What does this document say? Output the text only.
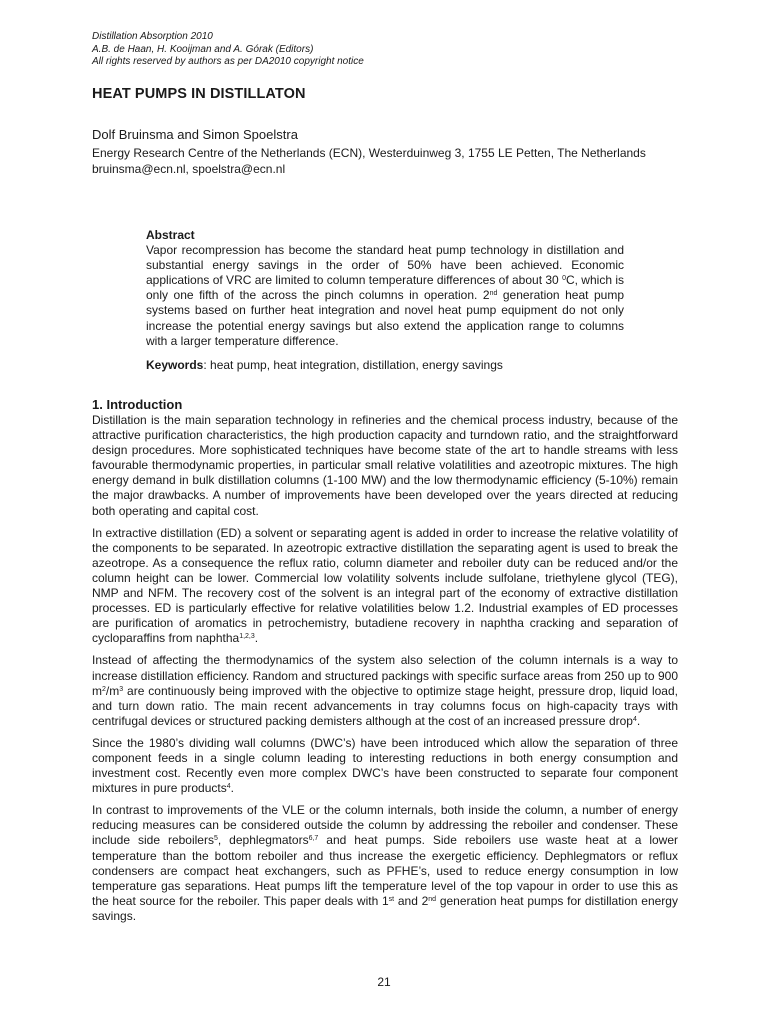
Distillation Absorption 2010
A.B. de Haan, H. Kooijman and A. Górak (Editors)
All rights reserved by authors as per DA2010 copyright notice
HEAT PUMPS IN DISTILLATON
Dolf Bruinsma and Simon Spoelstra
Energy Research Centre of the Netherlands (ECN), Westerduinweg 3, 1755 LE Petten, The Netherlands
bruinsma@ecn.nl, spoelstra@ecn.nl
Abstract

Vapor recompression has become the standard heat pump technology in distillation and substantial energy savings in the order of 50% have been achieved. Economic applications of VRC are limited to column temperature differences of about 30 $^0$C, which is only one fifth of the across the pinch columns in operation. 2nd generation heat pump systems based on further heat integration and novel heat pump equipment do not only increase the potential energy savings but also extend the application range to columns with a larger temperature difference.

Keywords: heat pump, heat integration, distillation, energy savings
1. Introduction

Distillation is the main separation technology in refineries and the chemical process industry, because of the attractive purification characteristics, the high production capacity and turndown ratio, and the straightforward design procedures. More sophisticated techniques have become state of the art to handle streams with less favourable thermodynamic properties, in particular small relative volatilities and azeotropic mixtures. The high energy demand in bulk distillation columns (1-100 MW) and the low thermodynamic efficiency (5-10%) remain the major drawbacks. A number of improvements have been developed over the years directed at reducing both operating and capital cost.

In extractive distillation (ED) a solvent or separating agent is added in order to increase the relative volatility of the components to be separated. In azeotropic extractive distillation the separating agent is used to break the azeotrope. As a consequence the reflux ratio, column diameter and reboiler duty can be reduced and/or the column height can be lower. Commercial low volatility solvents include sulfolane, triethylene glycol (TEG), NMP and NFM. The recovery cost of the solvent is an integral part of the economy of extractive distillation processes. ED is particularly effective for relative volatilities below 1.2. Industrial examples of ED processes are purification of aromatics in petrochemistry, butadiene recovery in naphtha cracking and separation of cycloparaffins from naphtha$^{1,2,3}$.

Instead of affecting the thermodynamics of the system also selection of the column internals is a way to increase distillation efficiency. Random and structured packings with specific surface areas from 250 up to 900 $m^2/m^3$ are continuously being improved with the objective to optimize stage height, pressure drop, liquid load, and turn down ratio. The main recent advancements in tray columns focus on high-capacity trays with centrifugal devices or structured packing demisters although at the cost of an increased pressure drop$^4$.

Since the 1980’s dividing wall columns (DWC’s) have been introduced which allow the separation of three component feeds in a single column leading to interesting reductions in both energy consumption and investment cost. Recently even more complex DWC’s have been constructed to separate four component mixtures in pure products$^4$.

In contrast to improvements of the VLE or the column internals, both inside the column, a number of energy reducing measures can be considered outside the column by addressing the reboiler and condenser. These include side reboilers$^5$, dephlegmators$^{6,7}$ and heat pumps. Side reboilers use waste heat at a lower temperature than the bottom reboiler and thus increase the exergetic efficiency. Dephlegmators or reflux condensers are compact heat exchangers, such as PFHE’s, used to reduce energy consumption in low temperature gas separations. Heat pumps lift the temperature level of the top vapour in order to use this as the heat source for the reboiler. This paper deals with 1st and 2nd generation heat pumps for distillation energy savings.

21
